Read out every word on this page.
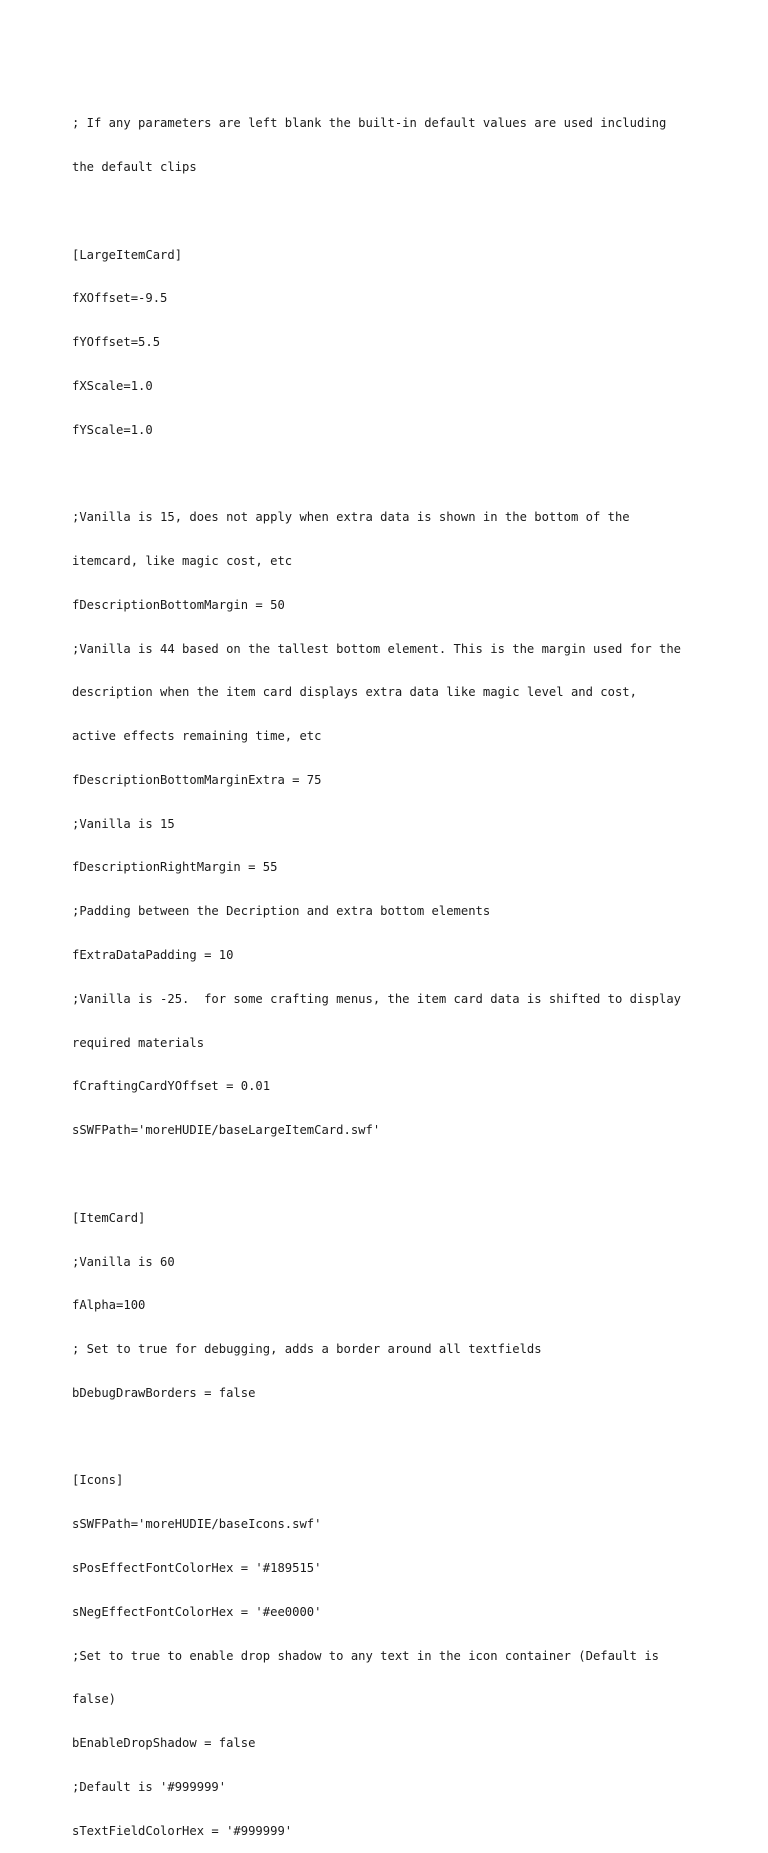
; If any parameters are left blank the built-in default values are used including

the default clips

[LargeItemCard]

fXOffset=-9.5

fYOffset=5.5

fXScale=1.0

fYScale=1.0

;Vanilla is 15, does not apply when extra data is shown in the bottom of the

itemcard, like magic cost, etc

fDescriptionBottomMargin = 50

;Vanilla is 44 based on the tallest bottom element. This is the margin used for the

description when the item card displays extra data like magic level and cost,

active effects remaining time, etc

fDescriptionBottomMarginExtra = 75

;Vanilla is 15

fDescriptionRightMargin = 55

;Padding between the Decription and extra bottom elements

fExtraDataPadding = 10

;Vanilla is -25.  for some crafting menus, the item card data is shifted to display

required materials

fCraftingCardYOffset = 0.01

sSWFPath='moreHUDIE/baseLargeItemCard.swf'

[ItemCard]

;Vanilla is 60

fAlpha=100

; Set to true for debugging, adds a border around all textfields

bDebugDrawBorders = false

[Icons]

sSWFPath='moreHUDIE/baseIcons.swf'

sPosEffectFontColorHex = '#189515'

sNegEffectFontColorHex = '#ee0000'

;Set to true to enable drop shadow to any text in the icon container (Default is

false)

bEnableDropShadow = false

;Default is '#999999'

sTextFieldColorHex = '#999999'
